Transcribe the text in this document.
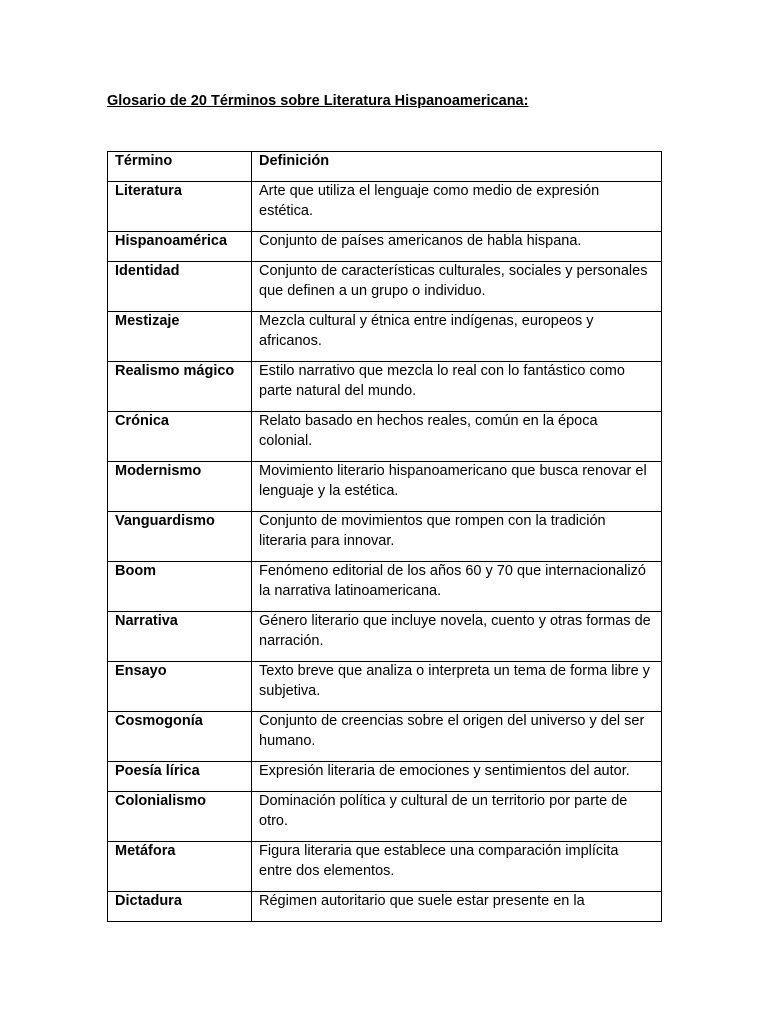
Glosario de 20 Términos sobre Literatura Hispanoamericana:
Término	Definición
Literatura	Arte que utiliza el lenguaje como medio de expresión estética.
Hispanoamérica	Conjunto de países americanos de habla hispana.
Identidad	Conjunto de características culturales, sociales y personales que definen a un grupo o individuo.
Mestizaje	Mezcla cultural y étnica entre indígenas, europeos y africanos.
Realismo mágico	Estilo narrativo que mezcla lo real con lo fantástico como parte natural del mundo.
Crónica	Relato basado en hechos reales, común en la época colonial.
Modernismo	Movimiento literario hispanoamericano que busca renovar el lenguaje y la estética.
Vanguardismo	Conjunto de movimientos que rompen con la tradición literaria para innovar.
Boom	Fenómeno editorial de los años 60 y 70 que internacionalizó la narrativa latinoamericana.
Narrativa	Género literario que incluye novela, cuento y otras formas de narración.
Ensayo	Texto breve que analiza o interpreta un tema de forma libre y subjetiva.
Cosmogonía	Conjunto de creencias sobre el origen del universo y del ser humano.
Poesía lírica	Expresión literaria de emociones y sentimientos del autor.
Colonialismo	Dominación política y cultural de un territorio por parte de otro.
Metáfora	Figura literaria que establece una comparación implícita entre dos elementos.
Dictadura	Régimen autoritario que suele estar presente en la
